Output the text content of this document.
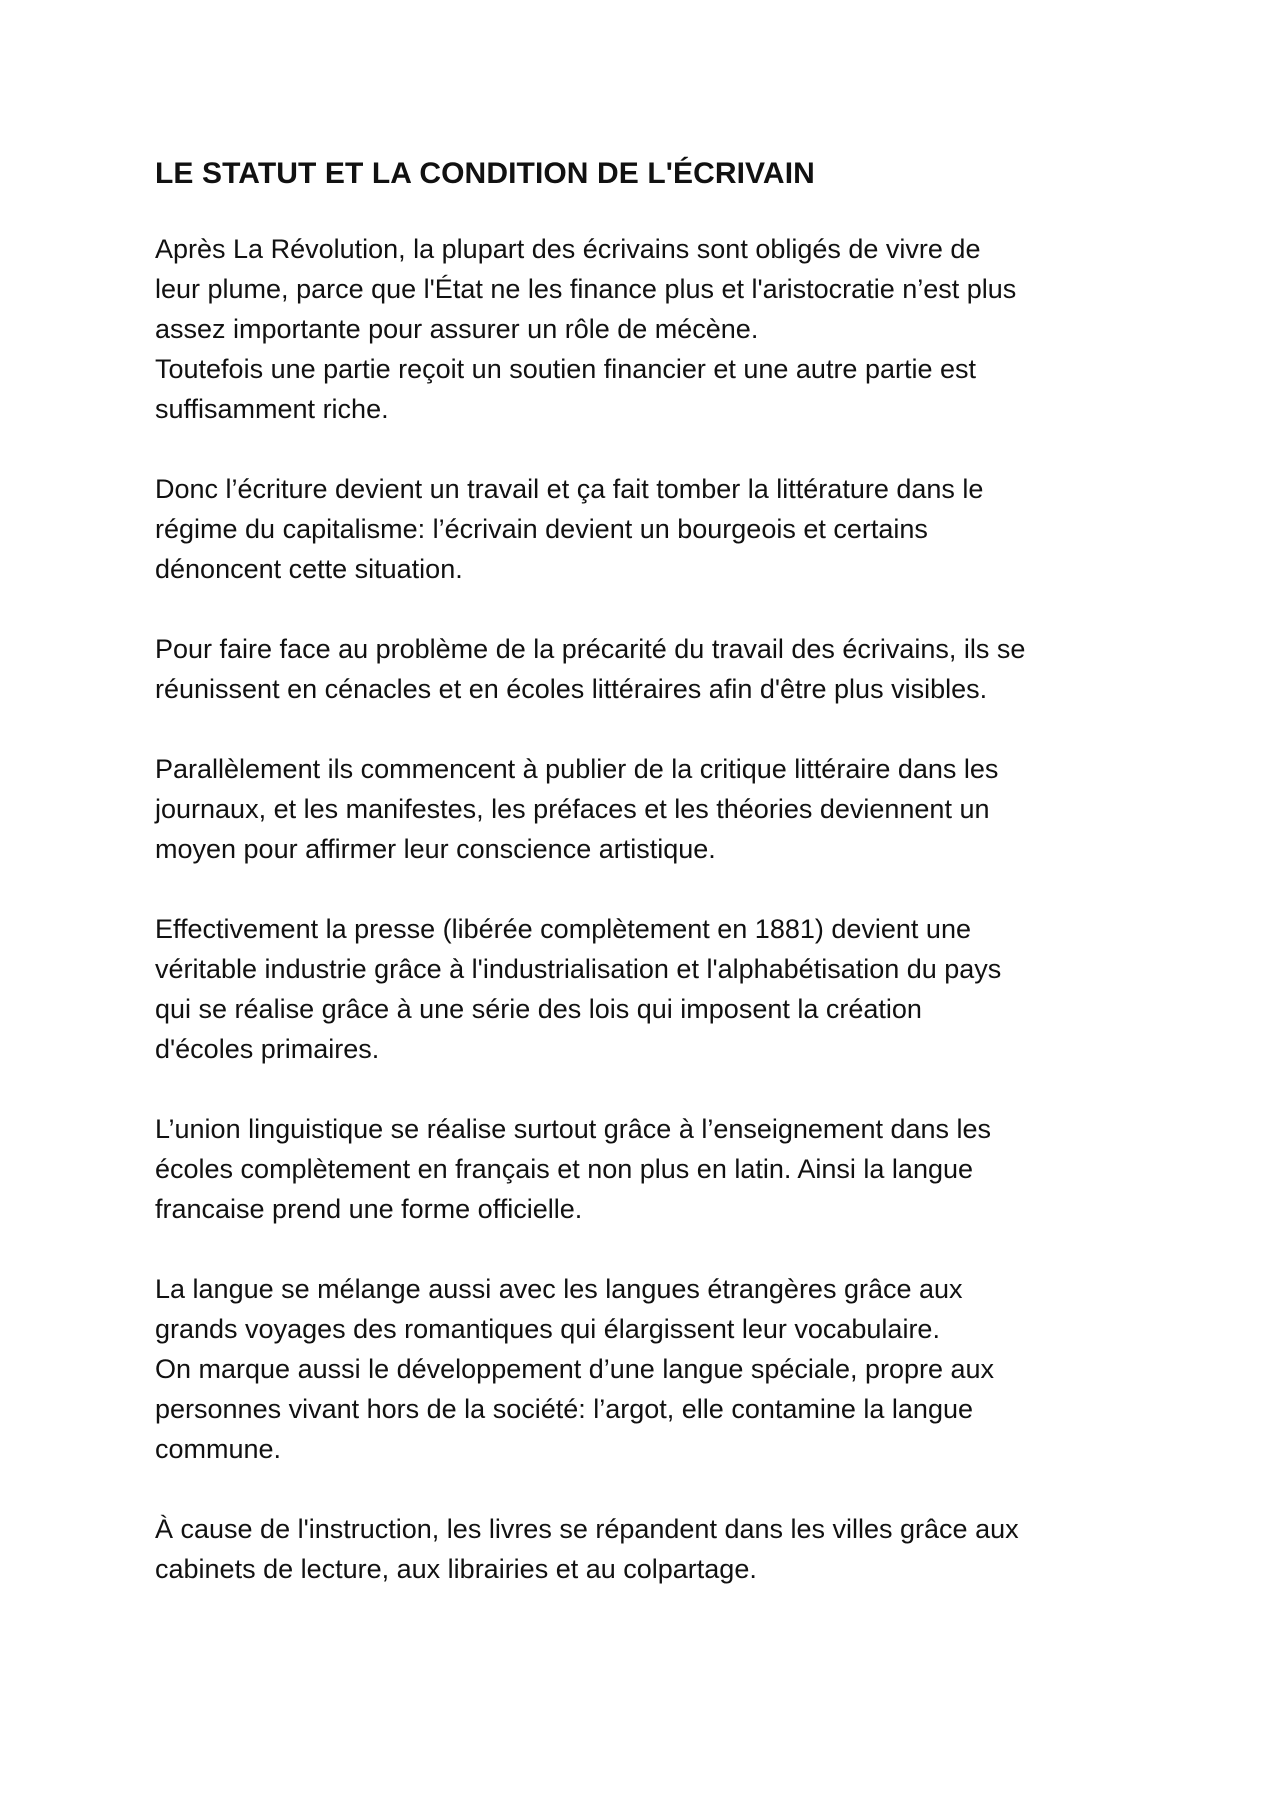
LE STATUT ET LA CONDITION DE L'ÉCRIVAIN
Après La Révolution, la plupart des écrivains sont obligés de vivre de
leur plume, parce que l'État ne les finance plus et l'aristocratie n’est plus
assez importante pour assurer un rôle de mécène.
Toutefois une partie reçoit un soutien financier et une autre partie est
suffisamment riche.
Donc l’écriture devient un travail et ça fait tomber la littérature dans le
régime du capitalisme: l’écrivain devient un bourgeois et certains
dénoncent cette situation.
Pour faire face au problème de la précarité du travail des écrivains, ils se
réunissent en cénacles et en écoles littéraires afin d'être plus visibles.
Parallèlement ils commencent à publier de la critique littéraire dans les
journaux, et les manifestes, les préfaces et les théories deviennent un
moyen pour affirmer leur conscience artistique.
Effectivement la presse (libérée complètement en 1881) devient une
véritable industrie grâce à l'industrialisation et l'alphabétisation du pays
qui se réalise grâce à une série des lois qui imposent la création
d'écoles primaires.
L’union linguistique se réalise surtout grâce à l’enseignement dans les
écoles complètement en français et non plus en latin. Ainsi la langue
francaise prend une forme officielle.
La langue se mélange aussi avec les langues étrangères grâce aux
grands voyages des romantiques qui élargissent leur vocabulaire.
On marque aussi le développement d’une langue spéciale, propre aux
personnes vivant hors de la société: l’argot, elle contamine la langue
commune.
À cause de l'instruction, les livres se répandent dans les villes grâce aux
cabinets de lecture, aux librairies et au colpartage.
